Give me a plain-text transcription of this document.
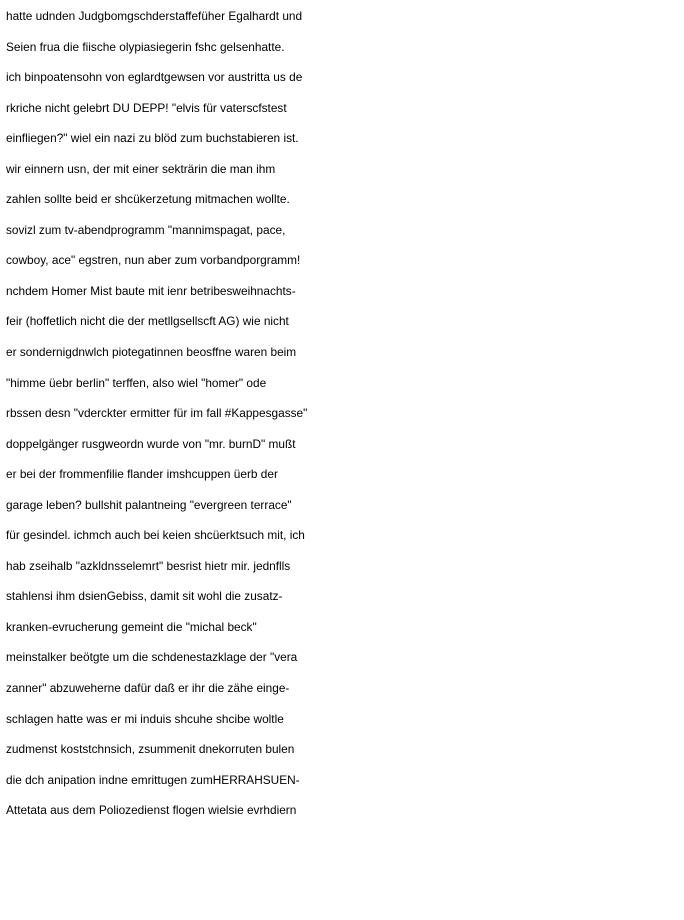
hatte udnden Judgbomgschderstaffefüher Egalhardt und
Seien frua die fiische olypiasiegerin fshc gelsenhatte.
ich binpoatensohn von eglardtgewsen vor austritta us de
rkriche nicht gelebrt DU DEPP! "elvis für vaterscfstest
einfliegen?" wiel ein nazi zu blöd zum buchstabieren ist.
wir einnern usn, der mit einer sekträrin die man ihm
zahlen sollte beid er shcükerzetung mitmachen wollte.
sovizl zum tv-abendprogramm "mannimspagat, pace,
cowboy, ace" egstren, nun aber zum vorbandporgramm!
nchdem Homer Mist baute mit ienr betribesweihnachts-
feir (hoffetlich nicht die der metllgsellscft AG) wie nicht
er sondernigdnwlch piotegatinnen beosffne waren beim
"himme üebr berlin" terffen, also wiel "homer" ode
rbssen desn "vderckter ermitter für im fall #Kappesgasse"
doppelgänger rusgweordn wurde von "mr. burnD" mußt
er bei der frommenfilie flander imshcuppen üerb der
garage leben? bullshit palantneing "evergreen terrace"
für gesindel. ichmch auch bei keien shcüerktsuch mit, ich
hab zseihalb "azkldnsselemrt" besrist hietr mir. jednflls
stahlensi ihm dsienGebiss, damit sit wohl die zusatz-
kranken-evrucherung gemeint die "michal beck"
meinstalker beötgte um die schdenestazklage der "vera
zanner" abzuweherne dafür daß er ihr die zähe einge-
schlagen hatte was er mi induis shcuhe shcibe woltle
zudmenst koststchnsich, zsummenit dnekorruten bulen
die dch anipation indne emrittugen zumHERRAHSUEN-
Attetata aus dem Poliozedienst flogen wielsie evrhdiern
